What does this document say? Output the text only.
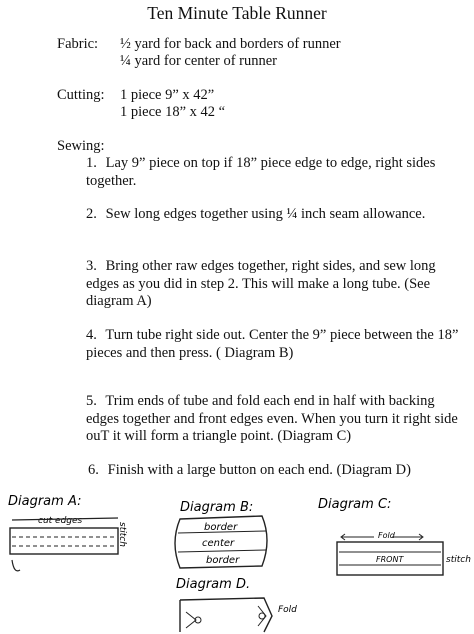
Ten Minute Table Runner
Fabric: ½ yard for back and borders of runner
¼ yard for center of runner
Cutting: 1 piece 9” x 42”
1 piece 18” x 42 “
Sewing:
1. Lay 9” piece on top if 18” piece edge to edge, right sides together.
2. Sew long edges together using ¼ inch seam allowance.
3. Bring other raw edges together, right sides, and sew long edges as you did in step 2. This will make a long tube. (See diagram A)
4. Turn tube right side out. Center the 9” piece between the 18” pieces and then press. ( Diagram B)
5. Trim ends of tube and fold each end in half with backing edges together and front edges even. When you turn it right side ouT it will form a triangle point. (Diagram C)
6. Finish with a large button on each end. (Diagram D)
Diagram A:
cut edges
stitch
Diagram B:
border
center
border
Diagram C:
Fold
FRONT	stitch
Diagram D.
Fold
